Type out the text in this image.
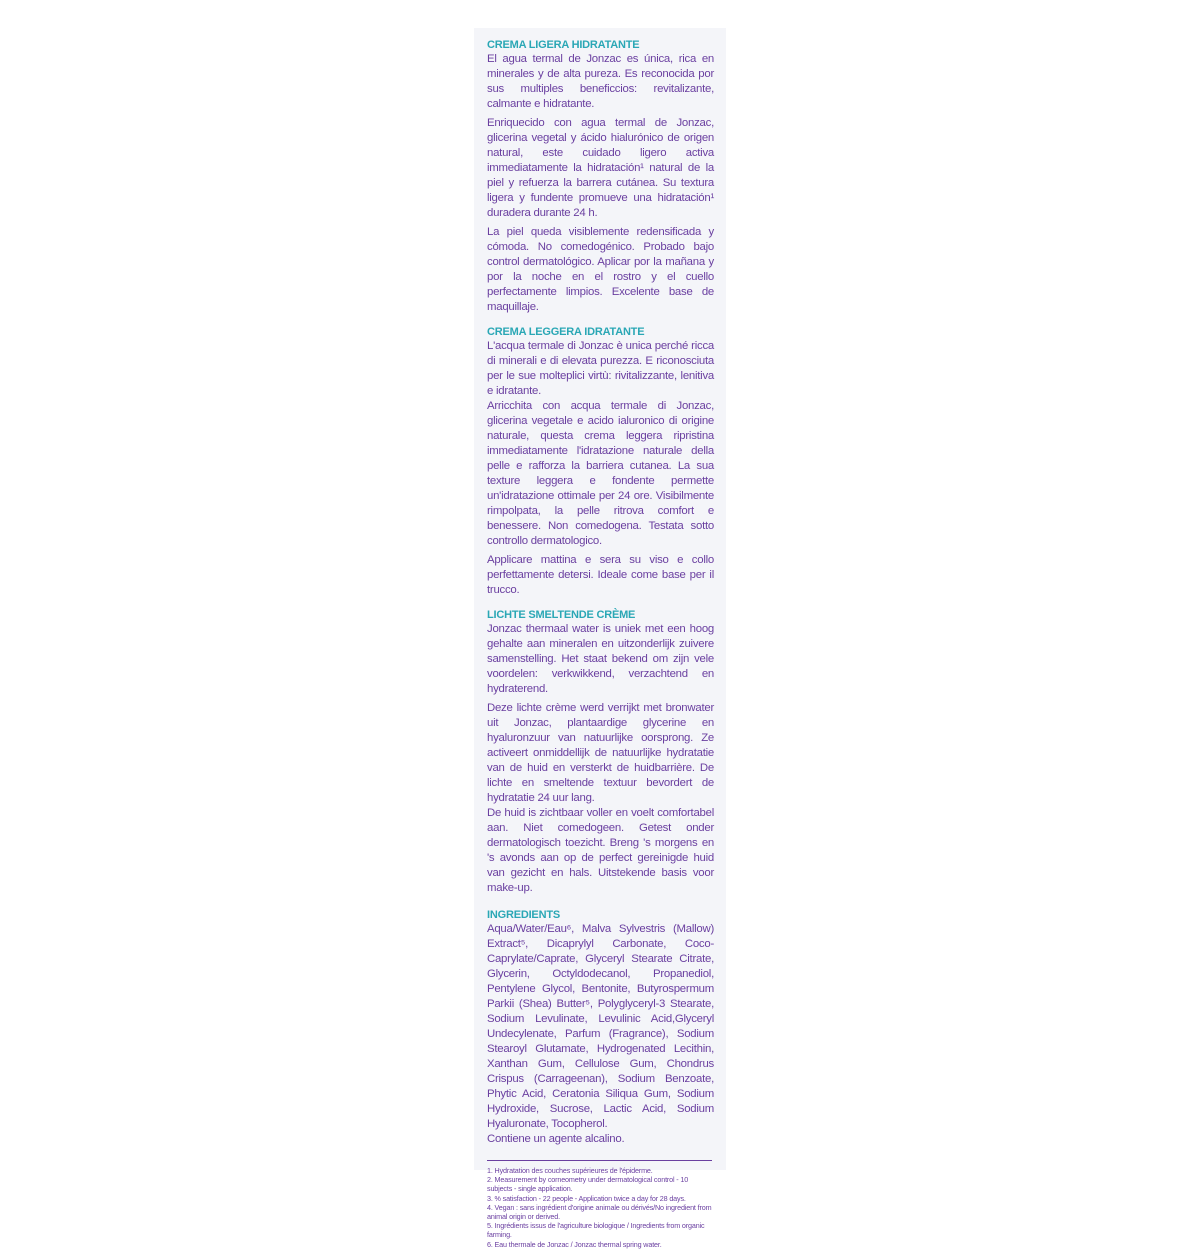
CREMA LIGERA HIDRATANTE

El agua termal de Jonzac es única, rica en minerales y de alta pureza. Es reconocida por sus multiples beneficcios: revitalizante, calmante e hidratante.

Enriquecido con agua termal de Jonzac, glicerina vegetal y ácido hialurónico de origen natural, este cuidado ligero activa immediatamente la hidratación¹ natural de la piel y refuerza la barrera cutánea. Su textura ligera y fundente promueve una hidratación¹ duradera durante 24 h.

La piel queda visiblemente redensificada y cómoda. No comedogénico. Probado bajo control dermatológico. Aplicar por la mañana y por la noche en el rostro y el cuello perfectamente limpios. Excelente base de maquillaje.

CREMA LEGGERA IDRATANTE

L'acqua termale di Jonzac è unica perché ricca di minerali e di elevata purezza. E riconosciuta per le sue molteplici virtù: rivitalizzante, lenitiva e idratante.

Arricchita con acqua termale di Jonzac, glicerina vegetale e acido ialuronico di origine naturale, questa crema leggera ripristina immediatamente l'idratazione naturale della pelle e rafforza la barriera cutanea. La sua texture leggera e fondente permette un'idratazione ottimale per 24 ore. Visibilmente rimpolpata, la pelle ritrova comfort e benessere. Non comedogena. Testata sotto controllo dermatologico.

Applicare mattina e sera su viso e collo perfettamente detersi. Ideale come base per il trucco.

LICHTE SMELTENDE CRÈME

Jonzac thermaal water is uniek met een hoog gehalte aan mineralen en uitzonderlijk zuivere samenstelling. Het staat bekend om zijn vele voordelen: verkwikkend, verzachtend en hydraterend.

Deze lichte crème werd verrijkt met bronwater uit Jonzac, plantaardige glycerine en hyaluronzuur van natuurlijke oorsprong. Ze activeert onmiddellijk de natuurlijke hydratatie van de huid en versterkt de huidbarrière. De lichte en smeltende textuur bevordert de hydratatie 24 uur lang.

De huid is zichtbaar voller en voelt comfortabel aan. Niet comedogeen. Getest onder dermatologisch toezicht. Breng 's morgens en 's avonds aan op de perfect gereinigde huid van gezicht en hals. Uitstekende basis voor make-up.

INGREDIENTS

Aqua/Water/Eau⁶, Malva Sylvestris (Mallow) Extract⁵, Dicaprylyl Carbonate, Coco-Caprylate/Caprate, Glyceryl Stearate Citrate, Glycerin, Octyldodecanol, Propanediol, Pentylene Glycol, Bentonite, Butyrospermum Parkii (Shea) Butter⁵, Polyglyceryl-3 Stearate, Sodium Levulinate, Levulinic Acid,Glyceryl Undecylenate, Parfum (Fragrance), Sodium Stearoyl Glutamate, Hydrogenated Lecithin, Xanthan Gum, Cellulose Gum, Chondrus Crispus (Carrageenan), Sodium Benzoate, Phytic Acid, Ceratonia Siliqua Gum, Sodium Hydroxide, Sucrose, Lactic Acid, Sodium Hyaluronate, Tocopherol.

Contiene un agente alcalino.

1. Hydratation des couches supérieures de l'épiderme.

2. Measurement by corneometry under dermatological control - 10 subjects - single application.

3. % satisfaction - 22 people - Application twice a day for 28 days.

4. Vegan : sans ingrédient d'origine animale ou dérivés/No ingredient from animal origin or derived.

5. Ingrédients issus de l'agriculture biologique / Ingredients from organic farming.

6. Eau thermale de Jonzac / Jonzac thermal spring water.
